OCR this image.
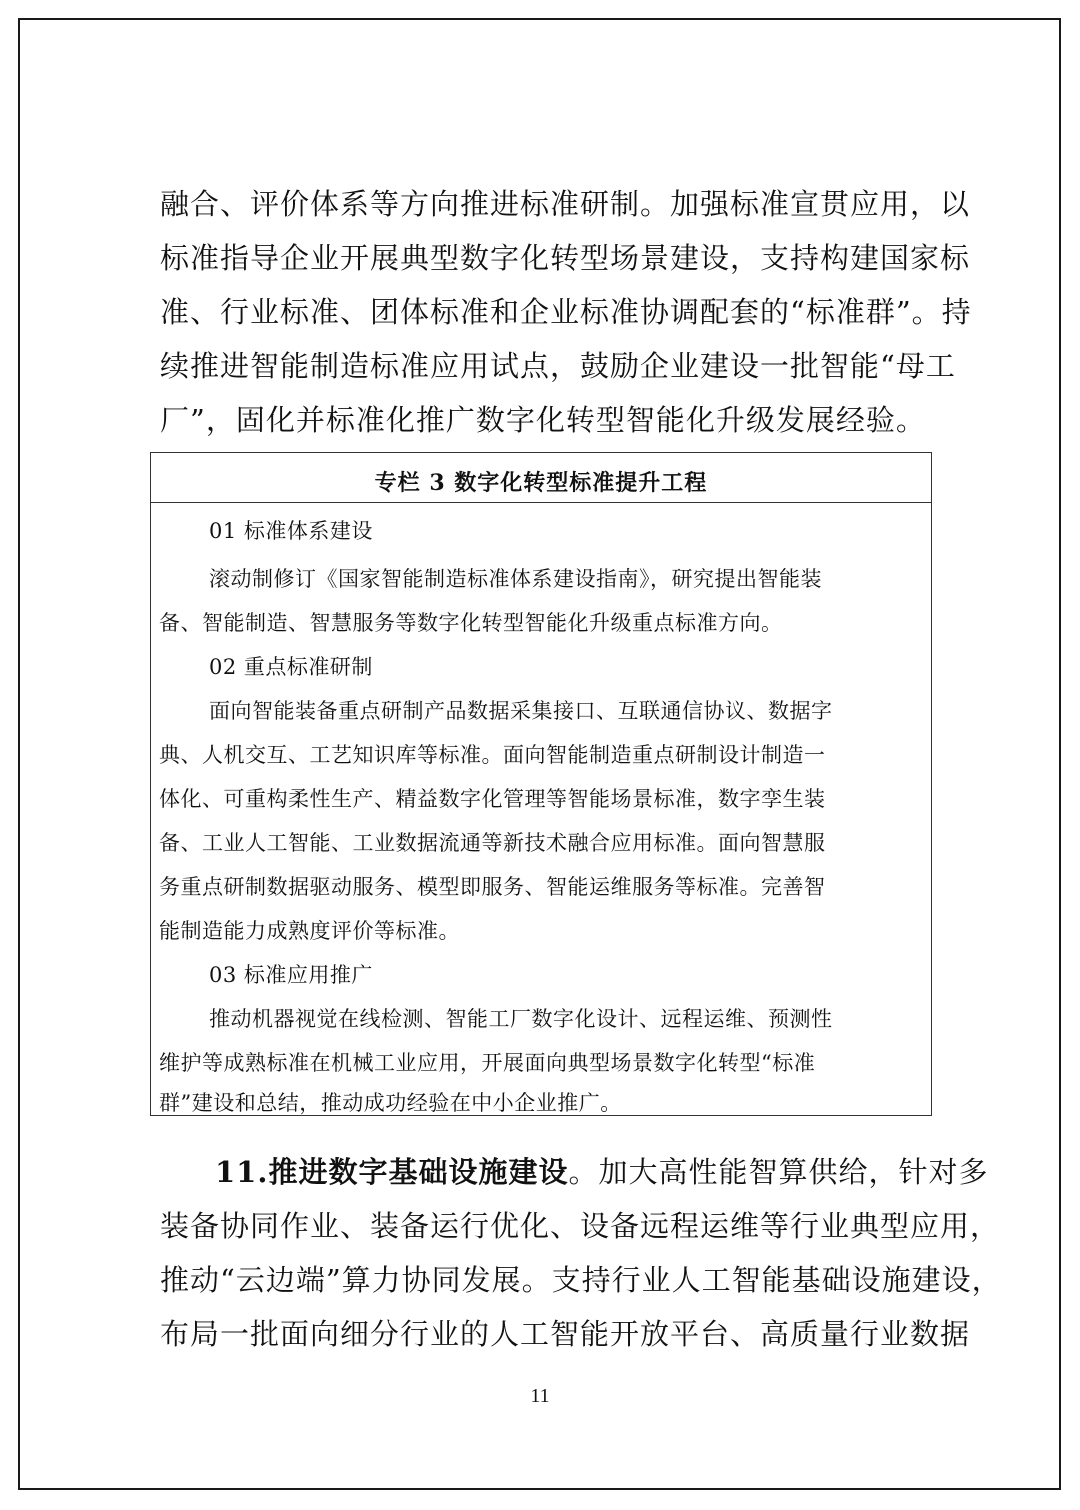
融合、评价体系等方向推进标准研制。加强标准宣贯应用，以
标准指导企业开展典型数字化转型场景建设，支持构建国家标
准、行业标准、团体标准和企业标准协调配套的“标准群”。持
续推进智能制造标准应用试点，鼓励企业建设一批智能“母工
厂”，固化并标准化推广数字化转型智能化升级发展经验。
专栏 3 数字化转型标准提升工程
01 标准体系建设
滚动制修订《国家智能制造标准体系建设指南》，研究提出智能装
备、智能制造、智慧服务等数字化转型智能化升级重点标准方向。
02 重点标准研制
面向智能装备重点研制产品数据采集接口、互联通信协议、数据字
典、人机交互、工艺知识库等标准。面向智能制造重点研制设计制造一
体化、可重构柔性生产、精益数字化管理等智能场景标准，数字孪生装
备、工业人工智能、工业数据流通等新技术融合应用标准。面向智慧服
务重点研制数据驱动服务、模型即服务、智能运维服务等标准。完善智
能制造能力成熟度评价等标准。
03 标准应用推广
推动机器视觉在线检测、智能工厂数字化设计、远程运维、预测性
维护等成熟标准在机械工业应用，开展面向典型场景数字化转型“标准
群”建设和总结，推动成功经验在中小企业推广。
11.推进数字基础设施建设。加大高性能智算供给，针对多
装备协同作业、装备运行优化、设备远程运维等行业典型应用，
推动“云边端”算力协同发展。支持行业人工智能基础设施建设，
布局一批面向细分行业的人工智能开放平台、高质量行业数据
11
